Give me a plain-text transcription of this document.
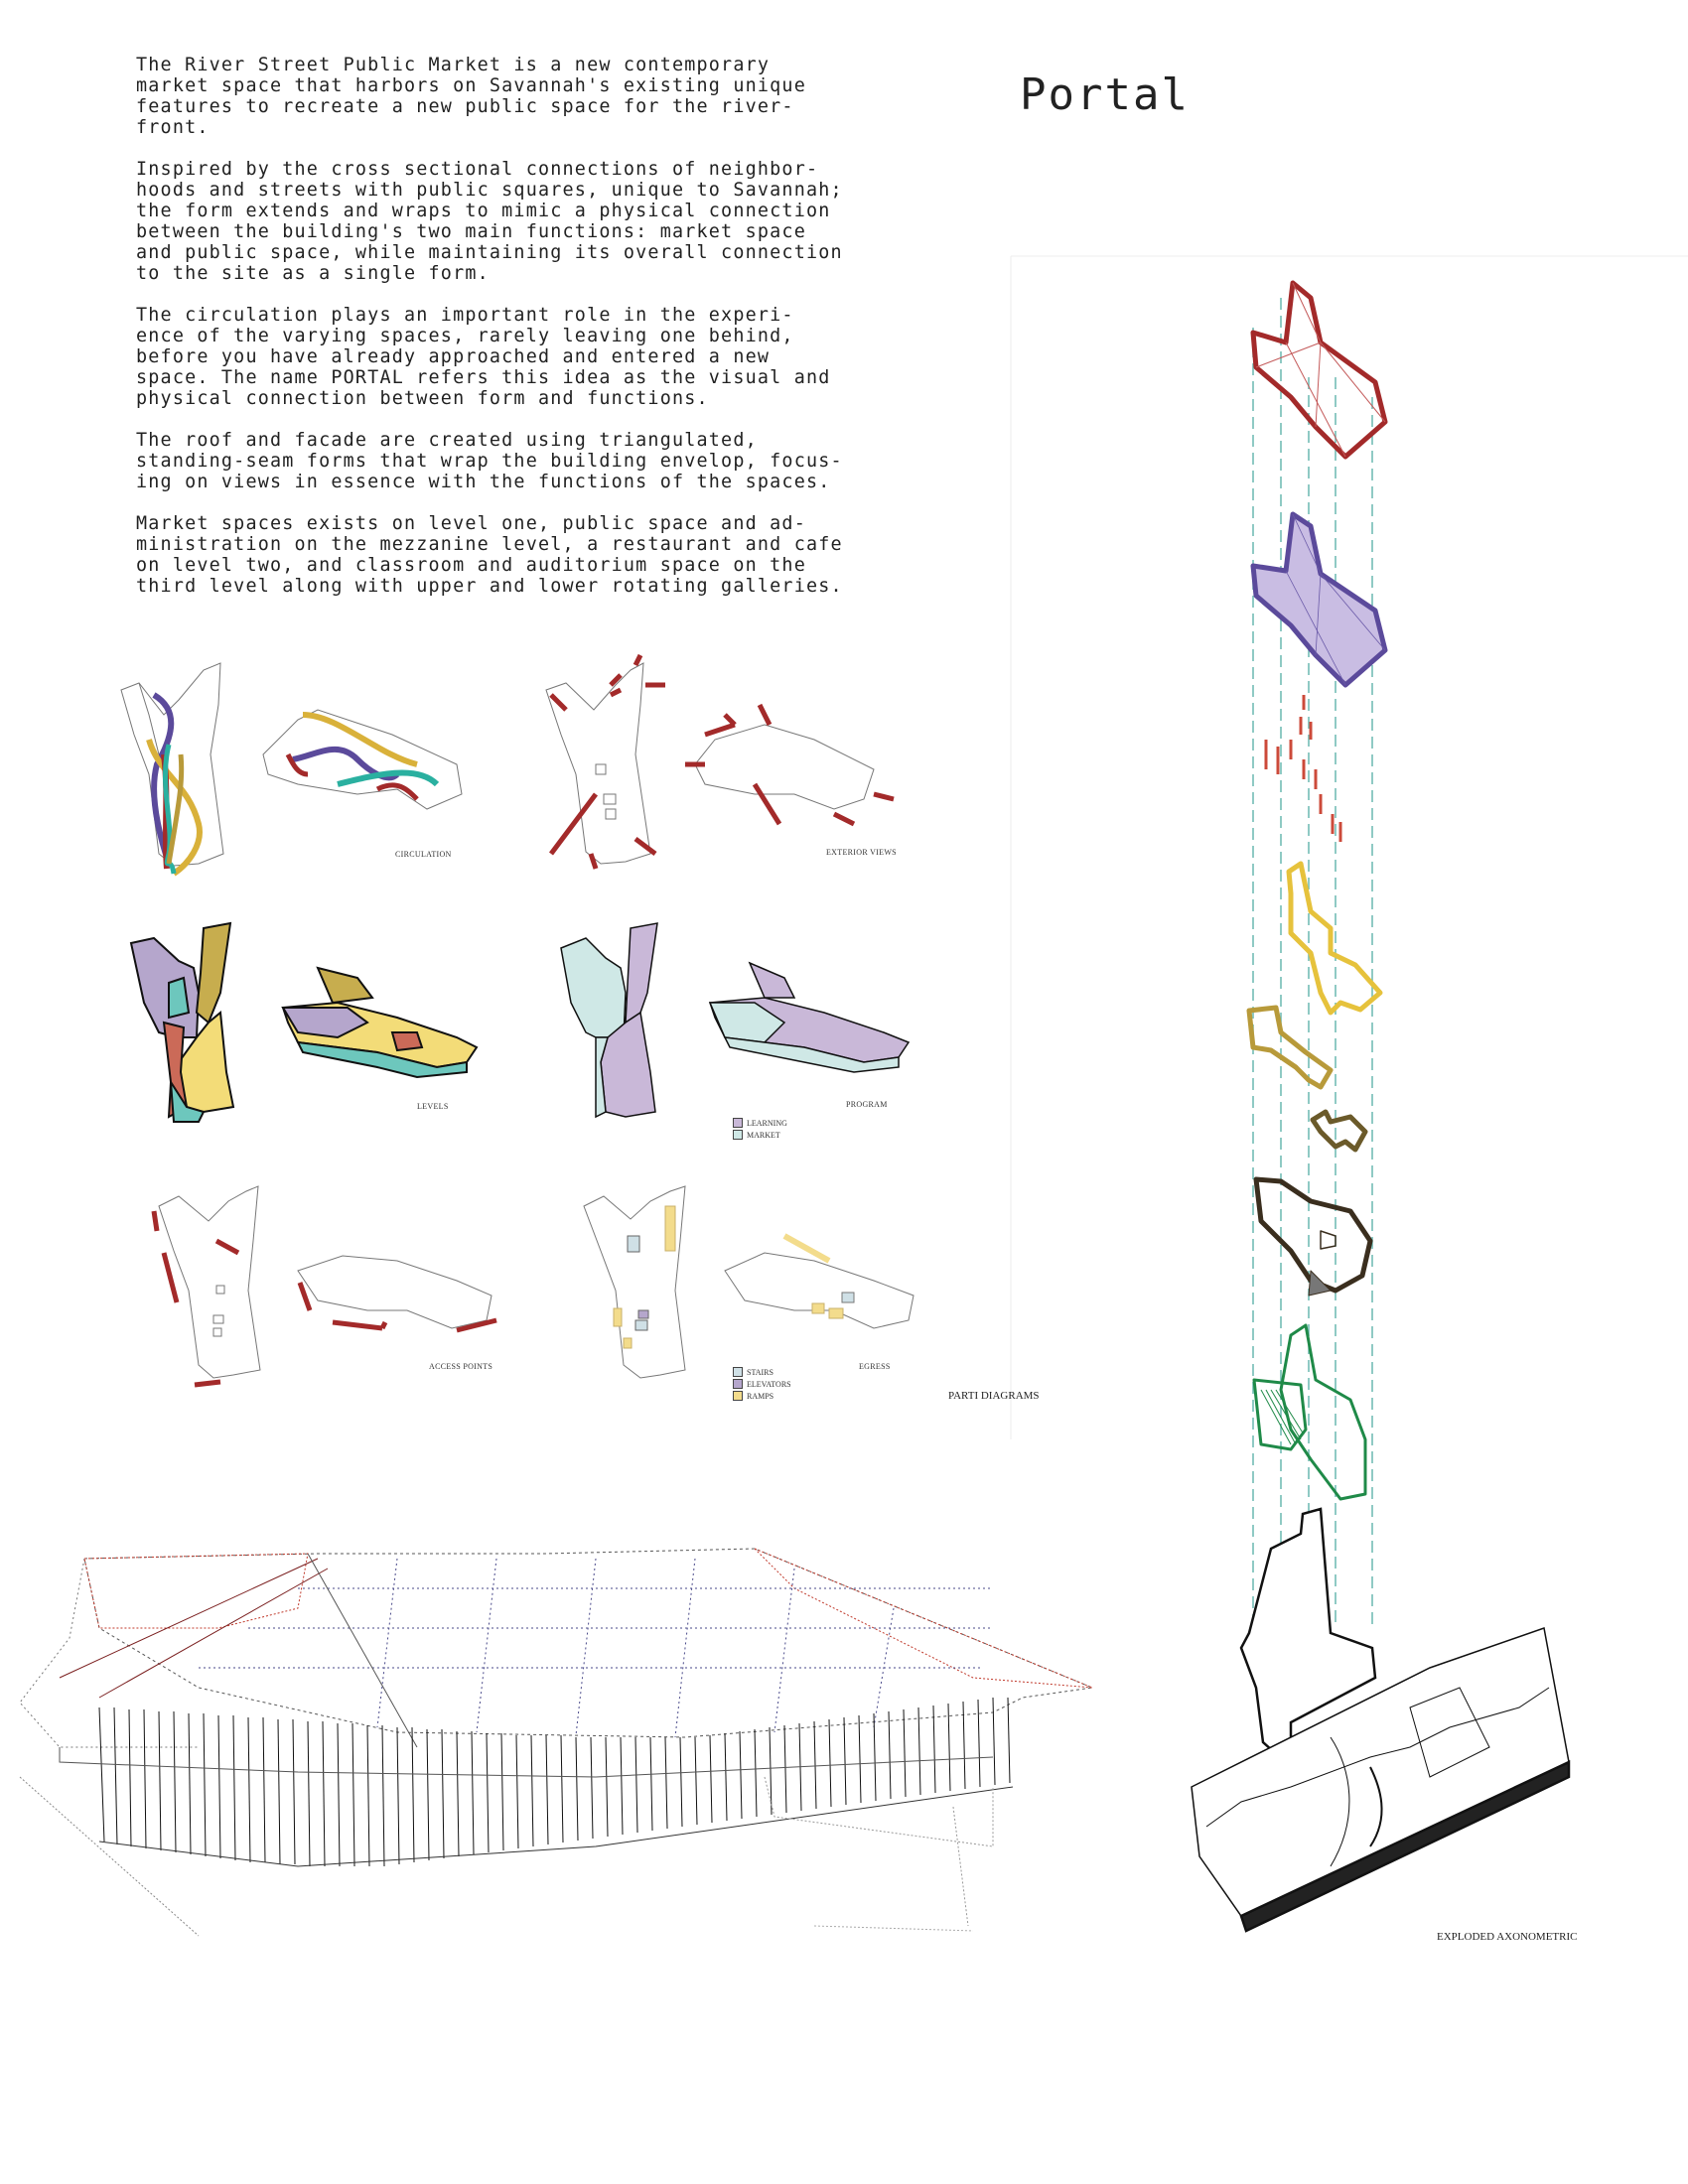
The River Street Public Market is a new contemporary
market space that harbors on Savannah's existing unique
features to recreate a new public space for the river-
front.

Inspired by the cross sectional connections of neighbor-
hoods and streets with public squares, unique to Savannah;
the form extends and wraps to mimic a physical connection
between the building's two main functions: market space
and public space, while maintaining its overall connection
to the site as a single form.

The circulation plays an important role in the experi-
ence of the varying spaces, rarely leaving one behind,
before you have already approached and entered a new
space. The name PORTAL refers this idea as the visual and
physical connection between form and functions.

The roof and facade are created using triangulated,
standing-seam forms that wrap the building envelop, focus-
ing on views in essence with the functions of the spaces.

Market spaces exists on level one, public space and ad-
ministration on the mezzanine level, a restaurant and cafe
on level two, and classroom and auditorium space on the
third level along with upper and lower rotating galleries.

Portal
CIRCULATION	EXTERIOR VIEWS
LEVELS	PROGRAM
ACCESS POINTS	EGRESS
PARTI DIAGRAMS
EXPLODED AXONOMETRIC
LEARNING
MARKET
STAIRS
ELEVATORS
RAMPS
